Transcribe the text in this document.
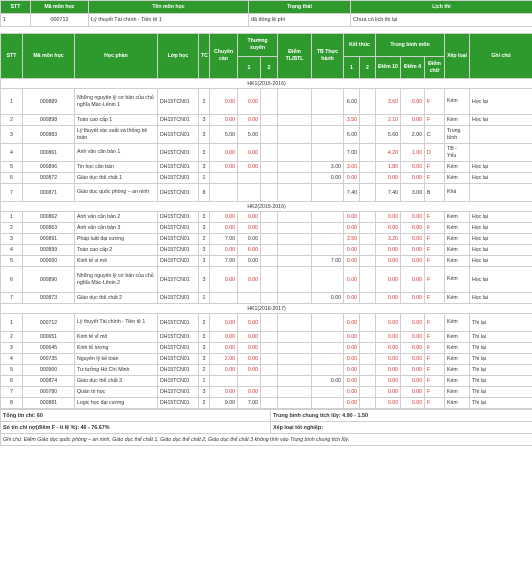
STT	Mã môn học	Tên môn học	Trạng thái	Lịch thi
1	000712	Lý thuyết Tài chính - Tiền tệ 1	đã đóng lệ phí	Chưa có lịch thi lại
STT	Mã môn học	Học phần	Lớp học	TC	Chuyên cần	Thường xuyên		Điểm TL/BTL	TB Thực hành	Kết thúc		Trung bình môn			Xếp loại	Ghi chú
						1	2			1	2	Điểm 10	Điểm 4	Điểm chữ		
HK1(2015-2016)																
1	000889	Những nguyên lý cơ bản của chủ nghĩa Mác-Lênin 1	DH15TCN01	2	0.00	0.00				6.00		3.60	0.00	F	Kém	Học lại
2	000898	Toán cao cấp 1	DH15TCN01	3	0.00	0.00				3.50		2.10	0.00	F	Kém	Học lại
3	000883	Lý thuyết xác suất và thống kê toán	DH15TCN01	3	5.00	5.00				6.00		5.60	2.00	C	Trung bình	
4	000861	Anh văn căn bản 1	DH15TCN01	3	0.00	0.00				7.00		4.20	1.00	D	TB - Yếu	
5	000896	Tin học căn bản	DH15TCN01	3	0.00	0.00			3.00	3.00		1.80	0.00	F	Kém	Học lại
6	000872	Giáo dục thể chất 1	DH15TCN01	1					0.00	0.00		0.00	0.00	F	Kém	Học lại
7	000871	Giáo dục quốc phòng – an ninh	DH15TCN01	8						7.40		7.40	3.00	B	Khá	
HK2(2015-2016)																
1	000862	Anh văn căn bản 2	DH15TCN01	3	0.00	0.00				0.00		0.00	0.00	F	Kém	Học lại
2	000863	Anh văn căn bản 3	DH15TCN01	3	0.00	0.00				0.00		0.00	0.00	F	Kém	Học lại
3	000891	Pháp luật đại cương	DH15TCN01	2	7.00	0.00				3.50		3.20	0.00	F	Kém	Học lại
4	000899	Toán cao cấp 2	DH15TCN01	3	0.00	6.00				0.00		0.00	0.00	F	Kém	Học lại
5	000650	Kinh tế vi mô	DH15TCN01	3	7.00	0.00			7.00	0.00		0.00	0.00	F	Kém	Học lại
6	000890	Những nguyên lý cơ bản của chủ nghĩa Mác-Lênin 2	DH15TCN01	3	0.00	0.00				0.00		0.00	0.00	F	Kém	Học lại
7	000873	Giáo dục thể chất 2	DH15TCN01	1					0.00	0.00		0.00	0.00	F	Kém	Học lại
HK1(2016-2017)																
1	000712	Lý thuyết Tài chính - Tiền tệ 1	DH15TCN01	2	0.00	0.00				0.00		0.00	0.00	F	Kém	Thi lại
2	000651	Kinh tế vĩ mô	DH15TCN01	3	0.00	0.00				0.00		0.00	0.00	F	Kém	Thi lại
3	000645	Kinh tế lượng	DH15TCN01	3	0.00	0.00				0.00		0.00	0.00	F	Kém	Thi lại
4	000735	Nguyên lý kế toán	DH15TCN01	3	2.00	0.00				0.00		0.00	0.00	F	Kém	Thi lại
5	000900	Tư tưởng Hồ Chí Minh	DH15TCN01	2	0.00	0.00				0.00		0.00	0.00	F	Kém	Thi lại
6	000874	Giáo dục thể chất 3	DH15TCN01	1					0.00	0.00		0.00	0.00	F	Kém	Thi lại
7	000780	Quản trị học	DH15TCN01	3	0.00	0.00				0.00		0.00	0.00	F	Kém	Thi lại
8	000881	Logic học đại cương	DH15TCN01	2	9.00	7.00				0.00		0.00	0.00	F	Kém	Thi lại
Tổng tín chỉ: 60	Trung bình chung tích lũy: 4.90 - 1.50
Số tín chỉ nợ(điểm F - tỉ lệ %): 46 - 76.67%	Xếp loại tốt nghiệp:
Ghi chú: Điểm Giáo dục quốc phòng – an ninh, Giáo dục thể chất 1, Giáo dục thể chất 2, Giáo dục thể chất 3 không tính vào Trung bình chung tích lũy.	
